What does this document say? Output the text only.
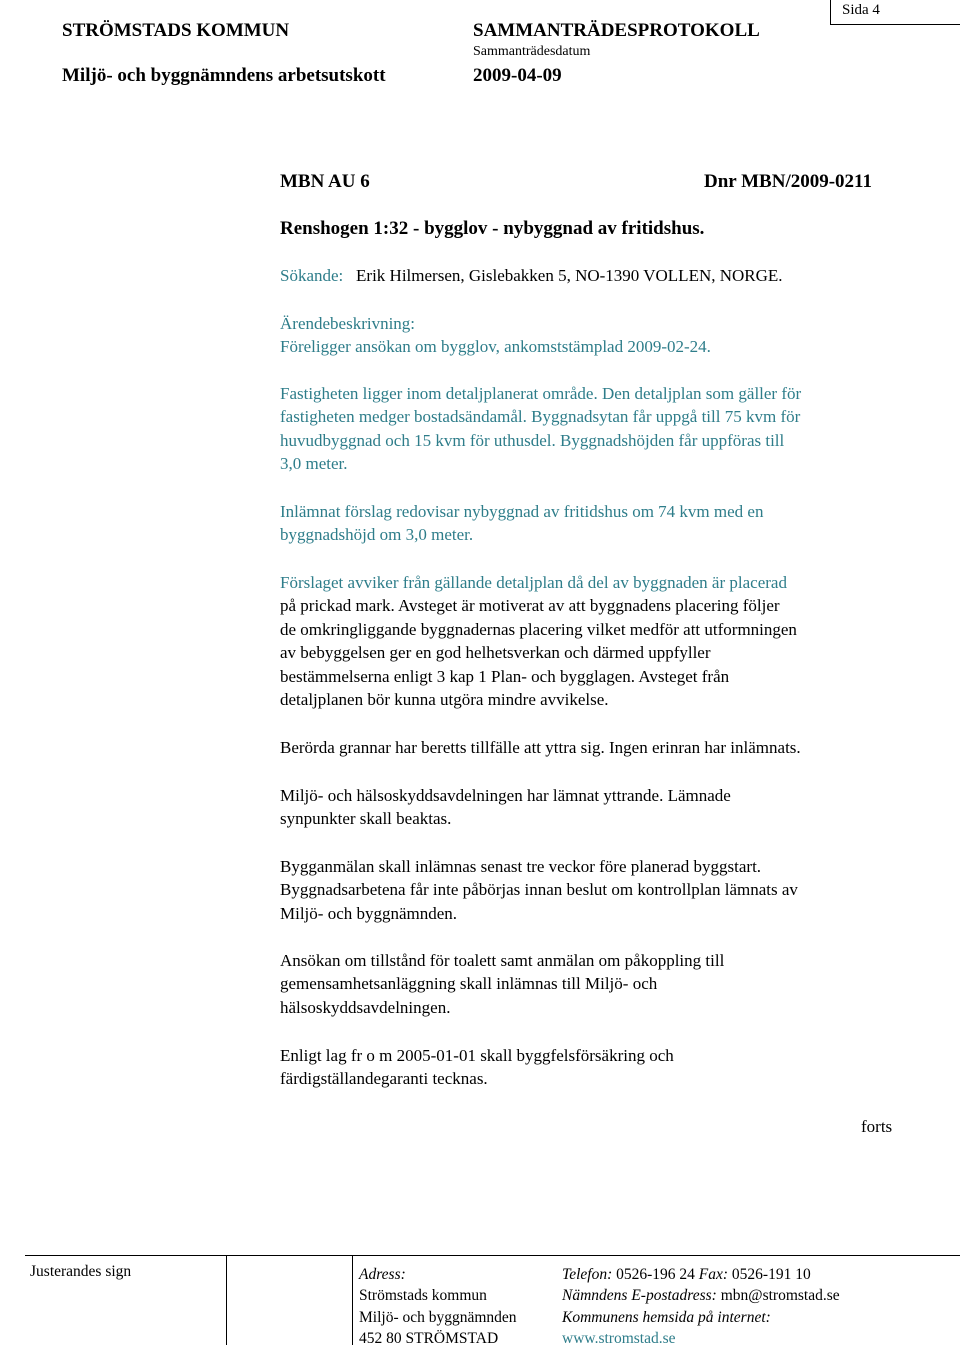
STRÖMSTADS KOMMUN
Miljö- och byggnämndens arbetsutskott
SAMMANTRÄDESPROTOKOLL
Sammanträdesdatum
2009-04-09
Sida 4
MBN AU 6	Dnr MBN/2009-0211
Renshogen 1:32 - bygglov - nybyggnad av fritidshus.
Sökande: Erik Hilmersen, Gislebakken 5, NO-1390 VOLLEN, NORGE.
Ärendebeskrivning:
Föreligger ansökan om bygglov, ankomststämplad 2009-02-24.
Fastigheten ligger inom detaljplanerat område. Den detaljplan som gäller för
fastigheten medger bostadsändamål. Byggnadsytan får uppgå till 75 kvm för
huvudbyggnad och 15 kvm för uthusdel. Byggnadshöjden får uppföras till
3,0 meter.
Inlämnat förslag redovisar nybyggnad av fritidshus om 74 kvm med en
byggnadshöjd om 3,0 meter.
Förslaget avviker från gällande detaljplan då del av byggnaden är placerad
på prickad mark. Avsteget är motiverat av att byggnadens placering följer
de omkringliggande byggnadernas placering vilket medför att utformningen
av bebyggelsen ger en god helhetsverkan och därmed uppfyller
bestämmelserna enligt 3 kap 1 Plan- och bygglagen. Avsteget från
detaljplanen bör kunna utgöra mindre avvikelse.
Berörda grannar har beretts tillfälle att yttra sig. Ingen erinran har inlämnats.
Miljö- och hälsoskyddsavdelningen har lämnat yttrande. Lämnade
synpunkter skall beaktas.
Bygganmälan skall inlämnas senast tre veckor före planerad byggstart.
Byggnadsarbetena får inte påbörjas innan beslut om kontrollplan lämnats av
Miljö- och byggnämnden.
Ansökan om tillstånd för toalett samt anmälan om påkoppling till
gemensamhetsanläggning skall inlämnas till Miljö- och
hälsoskyddsavdelningen.
Enligt lag fr o m 2005-01-01 skall byggfelsförsäkring och
färdigställandegaranti tecknas.
forts
Justerandes sign	Adress:
Strömstads kommun
Miljö- och byggnämnden
452 80 STRÖMSTAD
Telefon: 0526-196 24 Fax: 0526-191 10
Nämndens E-postadress: mbn@stromstad.se
Kommunens hemsida på internet:
www.stromstad.se
